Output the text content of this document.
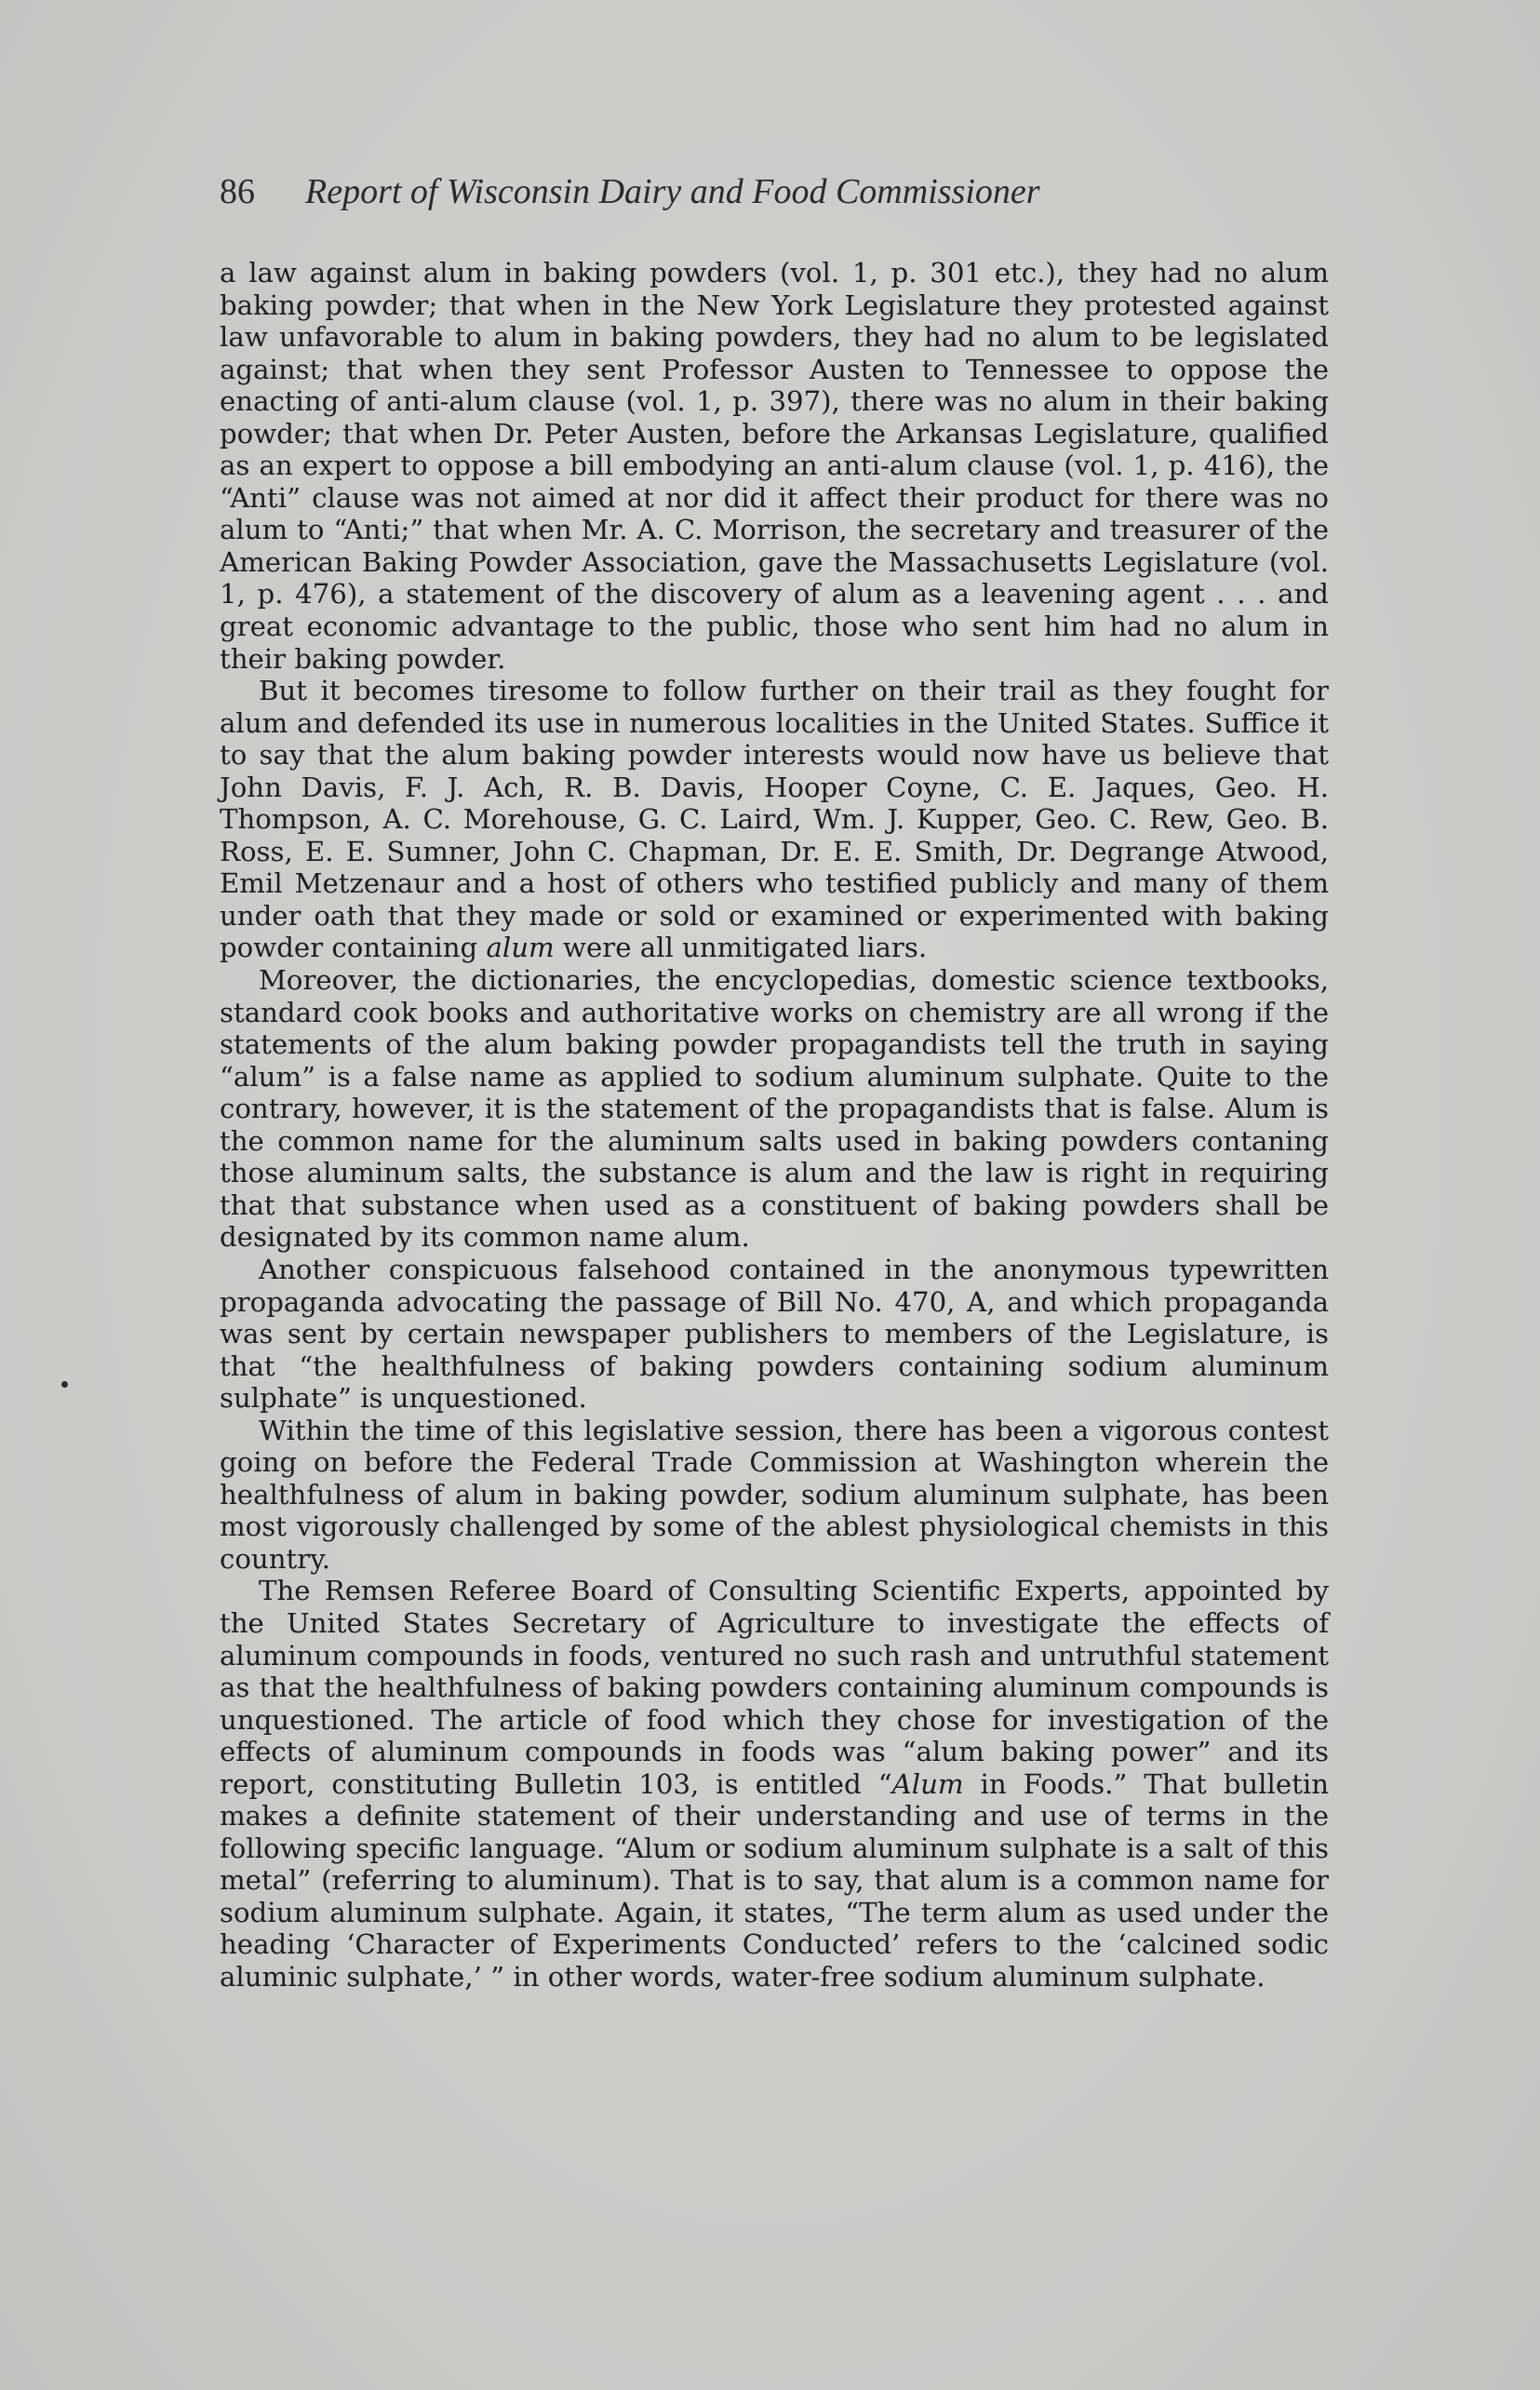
86 Report of Wisconsin Dairy and Food Commissioner

a law against alum in baking powders (vol. 1, p. 301 etc.), they had no alum baking powder; that when in the New York Legislature they protested against law unfavorable to alum in baking powders, they had no alum to be legislated against; that when they sent Professor Austen to Tennessee to oppose the enacting of anti-alum clause (vol. 1, p. 397), there was no alum in their baking powder; that when Dr. Peter Austen, before the Arkansas Legislature, qualified as an expert to oppose a bill embodying an anti-alum clause (vol. 1, p. 416), the “Anti” clause was not aimed at nor did it affect their product for there was no alum to “Anti;” that when Mr. A. C. Morrison, the secretary and treasurer of the American Baking Powder Association, gave the Massachusetts Legislature (vol. 1, p. 476), a statement of the discovery of alum as a leavening agent . . . and great economic advantage to the public, those who sent him had no alum in their baking powder.

But it becomes tiresome to follow further on their trail as they fought for alum and defended its use in numerous localities in the United States. Suffice it to say that the alum baking powder interests would now have us believe that John Davis, F. J. Ach, R. B. Davis, Hooper Coyne, C. E. Jaques, Geo. H. Thompson, A. C. Morehouse, G. C. Laird, Wm. J. Kupper, Geo. C. Rew, Geo. B. Ross, E. E. Sumner, John C. Chapman, Dr. E. E. Smith, Dr. Degrange Atwood, Emil Metzenaur and a host of others who testified publicly and many of them under oath that they made or sold or examined or experimented with baking powder containing alum were all unmitigated liars.

Moreover, the dictionaries, the encyclopedias, domestic science textbooks, standard cook books and authoritative works on chemistry are all wrong if the statements of the alum baking powder propagandists tell the truth in saying “alum” is a false name as applied to sodium aluminum sulphate. Quite to the contrary, however, it is the statement of the propagandists that is false. Alum is the common name for the aluminum salts used in baking powders contaning those aluminum salts, the substance is alum and the law is right in requiring that that substance when used as a constituent of baking powders shall be designated by its common name alum.

Another conspicuous falsehood contained in the anonymous typewritten propaganda advocating the passage of Bill No. 470, A, and which propaganda was sent by certain newspaper publishers to members of the Legislature, is that “the healthfulness of baking powders containing sodium aluminum sulphate” is unquestioned.

Within the time of this legislative session, there has been a vigorous contest going on before the Federal Trade Commission at Washington wherein the healthfulness of alum in baking powder, sodium aluminum sulphate, has been most vigorously challenged by some of the ablest physiological chemists in this country.

The Remsen Referee Board of Consulting Scientific Experts, appointed by the United States Secretary of Agriculture to investigate the effects of aluminum compounds in foods, ventured no such rash and untruthful statement as that the healthfulness of baking powders containing aluminum compounds is unquestioned. The article of food which they chose for investigation of the effects of aluminum compounds in foods was “alum baking power” and its report, constituting Bulletin 103, is entitled “Alum in Foods.” That bulletin makes a definite statement of their understanding and use of terms in the following specific language. “Alum or sodium aluminum sulphate is a salt of this metal” (referring to aluminum). That is to say, that alum is a common name for sodium aluminum sulphate. Again, it states, “The term alum as used under the heading ‘Character of Experiments Conducted’ refers to the ‘calcined sodic aluminic sulphate,’ ” in other words, water-free sodium aluminum sulphate.
